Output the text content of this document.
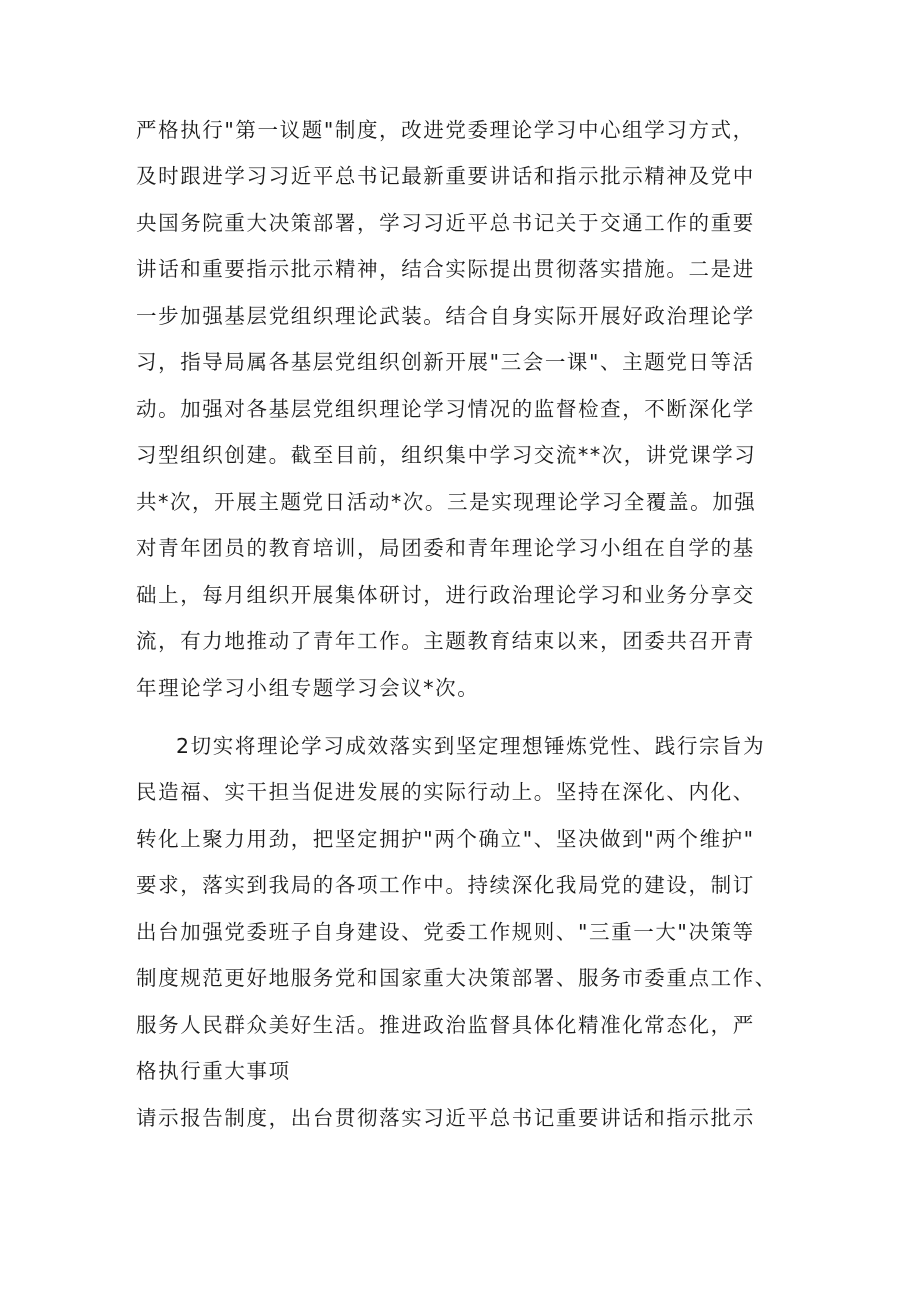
严格执行"第一议题"制度，改进党委理论学习中心组学习方式，
及时跟进学习习近平总书记最新重要讲话和指示批示精神及党中
央国务院重大决策部署，学习习近平总书记关于交通工作的重要
讲话和重要指示批示精神，结合实际提出贯彻落实措施。二是进
一步加强基层党组织理论武装。结合自身实际开展好政治理论学
习，指导局属各基层党组织创新开展"三会一课"、主题党日等活
动。加强对各基层党组织理论学习情况的监督检查，不断深化学
习型组织创建。截至目前，组织集中学习交流**次，讲党课学习
共*次，开展主题党日活动*次。三是实现理论学习全覆盖。加强
对青年团员的教育培训，局团委和青年理论学习小组在自学的基
础上，每月组织开展集体研讨，进行政治理论学习和业务分享交
流，有力地推动了青年工作。主题教育结束以来，团委共召开青
年理论学习小组专题学习会议*次。
2切实将理论学习成效落实到坚定理想锤炼党性、践行宗旨为
民造福、实干担当促进发展的实际行动上。坚持在深化、内化、
转化上聚力用劲，把坚定拥护"两个确立"、坚决做到"两个维护"
要求，落实到我局的各项工作中。持续深化我局党的建设，制订
出台加强党委班子自身建设、党委工作规则、"三重一大"决策等
制度规范更好地服务党和国家重大决策部署、服务市委重点工作、
服务人民群众美好生活。推进政治监督具体化精准化常态化，严
格执行重大事项
请示报告制度，出台贯彻落实习近平总书记重要讲话和指示批示
